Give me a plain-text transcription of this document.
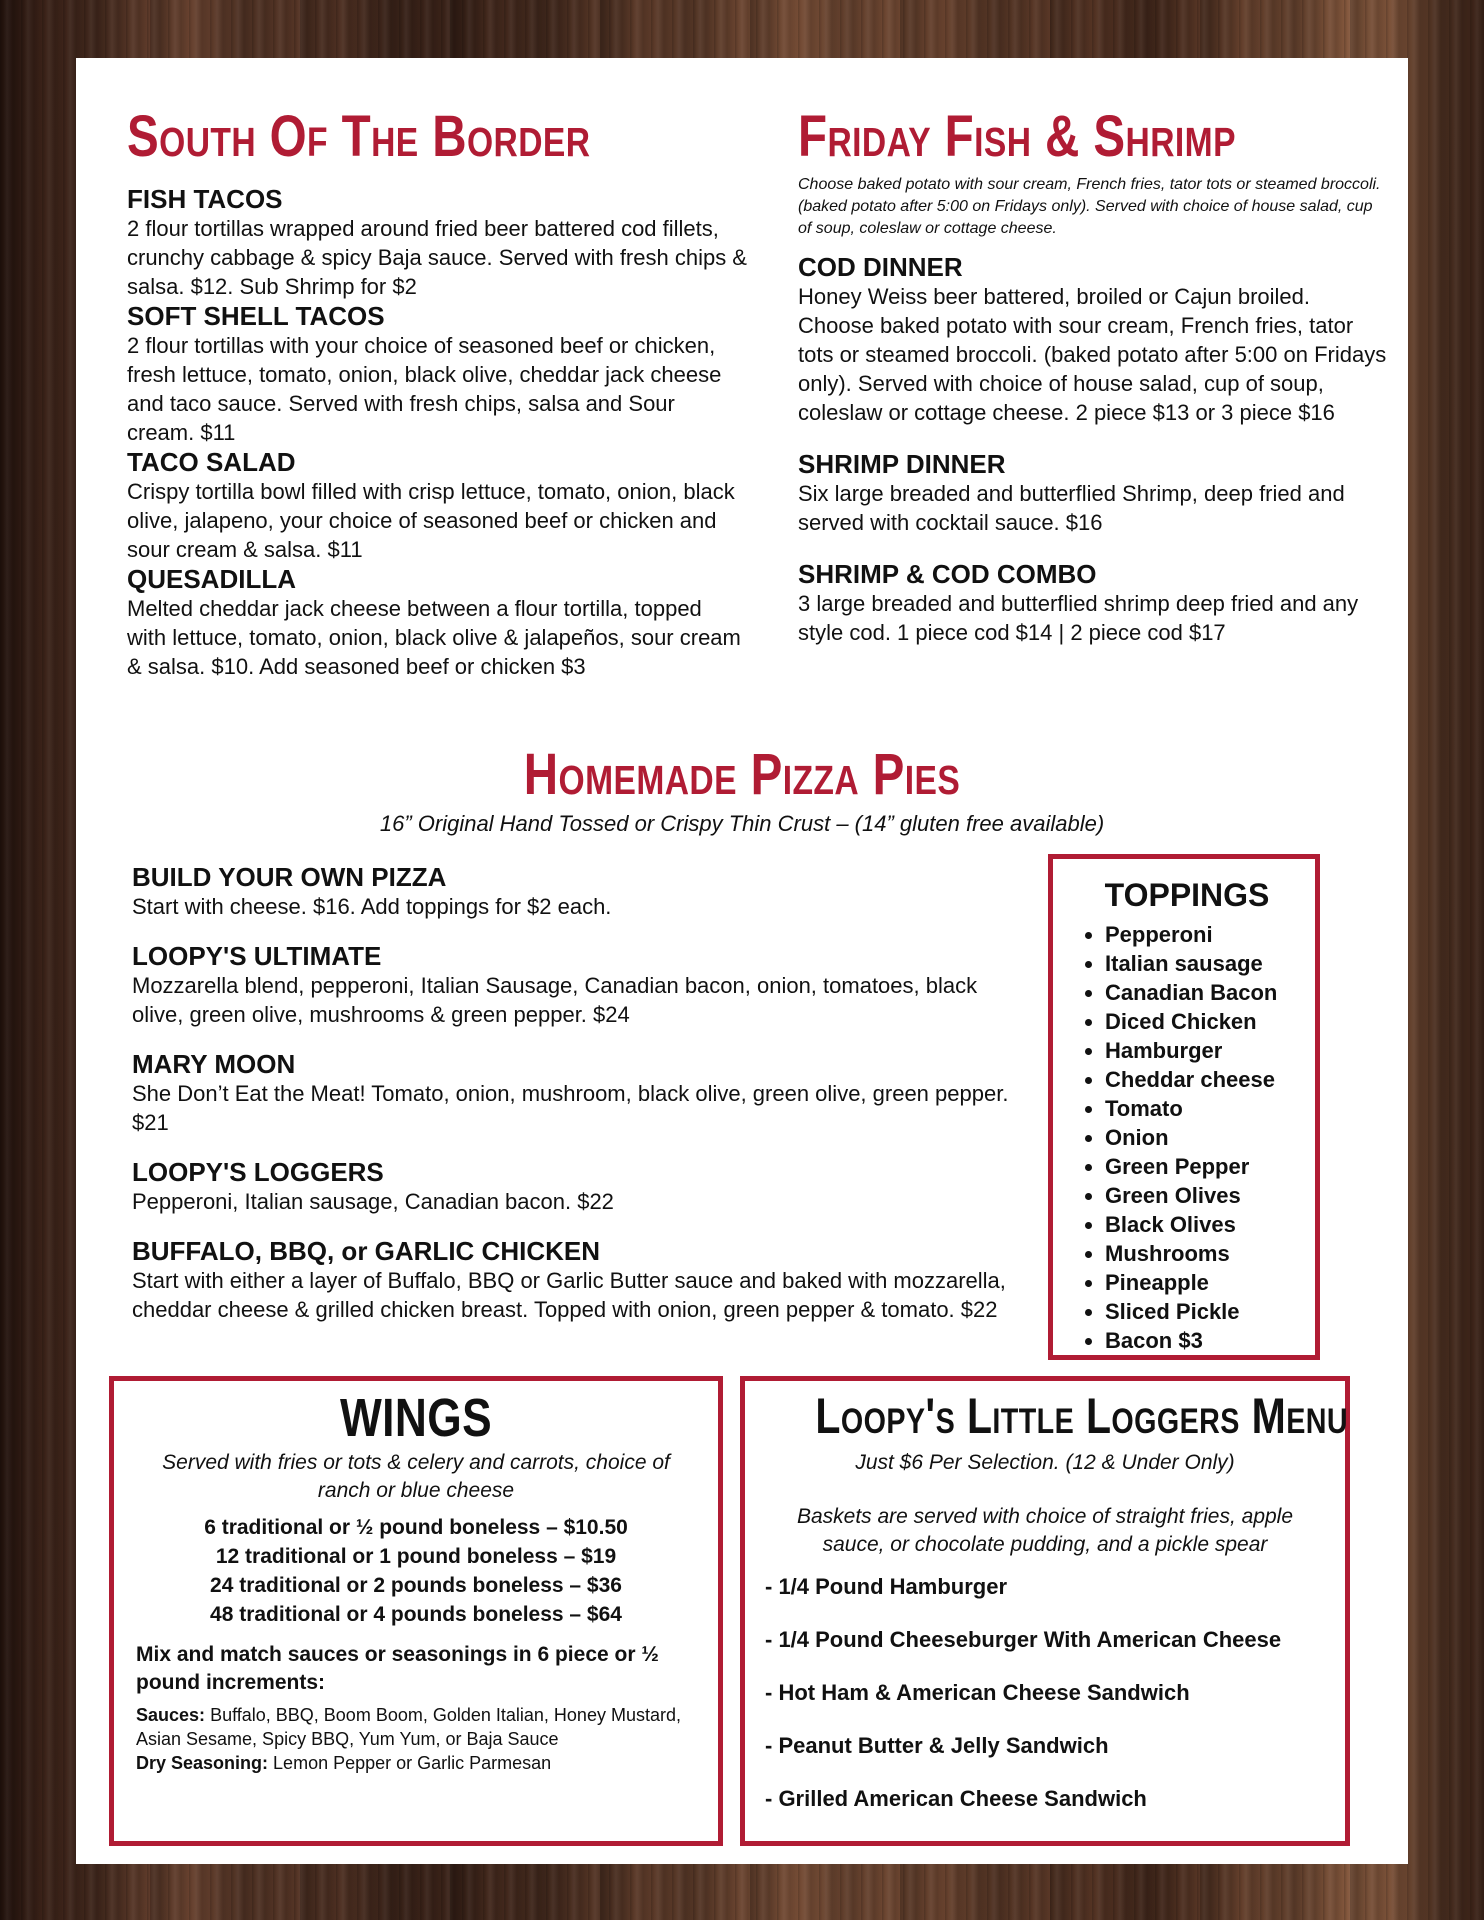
South Of The Border

FISH TACOS

2 flour tortillas wrapped around fried beer battered cod fillets, crunchy cabbage & spicy Baja sauce. Served with fresh chips & salsa. $12. Sub Shrimp for $2

SOFT SHELL TACOS

2 flour tortillas with your choice of seasoned beef or chicken, fresh lettuce, tomato, onion, black olive, cheddar jack cheese and taco sauce. Served with fresh chips, salsa and Sour cream. $11

TACO SALAD

Crispy tortilla bowl filled with crisp lettuce, tomato, onion, black olive, jalapeno, your choice of seasoned beef or chicken and sour cream & salsa. $11

QUESADILLA

Melted cheddar jack cheese between a flour tortilla, topped with lettuce, tomato, onion, black olive & jalapeños, sour cream & salsa. $10. Add seasoned beef or chicken $3

Friday Fish & Shrimp

Choose baked potato with sour cream, French fries, tator tots or steamed broccoli. (baked potato after 5:00 on Fridays only). Served with choice of house salad, cup of soup, coleslaw or cottage cheese.

COD DINNER

Honey Weiss beer battered, broiled or Cajun broiled. Choose baked potato with sour cream, French fries, tator tots or steamed broccoli. (baked potato after 5:00 on Fridays only). Served with choice of house salad, cup of soup, coleslaw or cottage cheese. 2 piece $13 or 3 piece $16

SHRIMP DINNER

Six large breaded and butterflied Shrimp, deep fried and served with cocktail sauce. $16

SHRIMP & COD COMBO

3 large breaded and butterflied shrimp deep fried and any style cod. 1 piece cod $14 | 2 piece cod $17

Homemade Pizza Pies

16” Original Hand Tossed or Crispy Thin Crust – (14” gluten free available)

BUILD YOUR OWN PIZZA

Start with cheese. $16. Add toppings for $2 each.

LOOPY'S ULTIMATE

Mozzarella blend, pepperoni, Italian Sausage, Canadian bacon, onion, tomatoes, black olive, green olive, mushrooms & green pepper. $24

MARY MOON

She Don’t Eat the Meat! Tomato, onion, mushroom, black olive, green olive, green pepper. $21

LOOPY'S LOGGERS

Pepperoni, Italian sausage, Canadian bacon. $22

BUFFALO, BBQ, or GARLIC CHICKEN

Start with either a layer of Buffalo, BBQ or Garlic Butter sauce and baked with mozzarella, cheddar cheese & grilled chicken breast. Topped with onion, green pepper & tomato. $22

TOPPINGS
• Pepperoni
• Italian sausage
• Canadian Bacon
• Diced Chicken
• Hamburger
• Cheddar cheese
• Tomato
• Onion
• Green Pepper
• Green Olives
• Black Olives
• Mushrooms
• Pineapple
• Sliced Pickle
• Bacon $3
WINGS

Served with fries or tots & celery and carrots, choice of ranch or blue cheese

6 traditional or ½ pound boneless – $10.50
12 traditional or 1 pound boneless – $19
24 traditional or 2 pounds boneless – $36
48 traditional or 4 pounds boneless – $64

Mix and match sauces or seasonings in 6 piece or ½ pound increments:

Sauces: Buffalo, BBQ, Boom Boom, Golden Italian, Honey Mustard, Asian Sesame, Spicy BBQ, Yum Yum, or Baja Sauce

Dry Seasoning: Lemon Pepper or Garlic Parmesan

Loopy's Little Loggers Menu

Just $6 Per Selection. (12 & Under Only)

Baskets are served with choice of straight fries, apple sauce, or chocolate pudding, and a pickle spear

- 1/4 Pound Hamburger

- 1/4 Pound Cheeseburger With American Cheese

- Hot Ham & American Cheese Sandwich

- Peanut Butter & Jelly Sandwich

- Grilled American Cheese Sandwich
